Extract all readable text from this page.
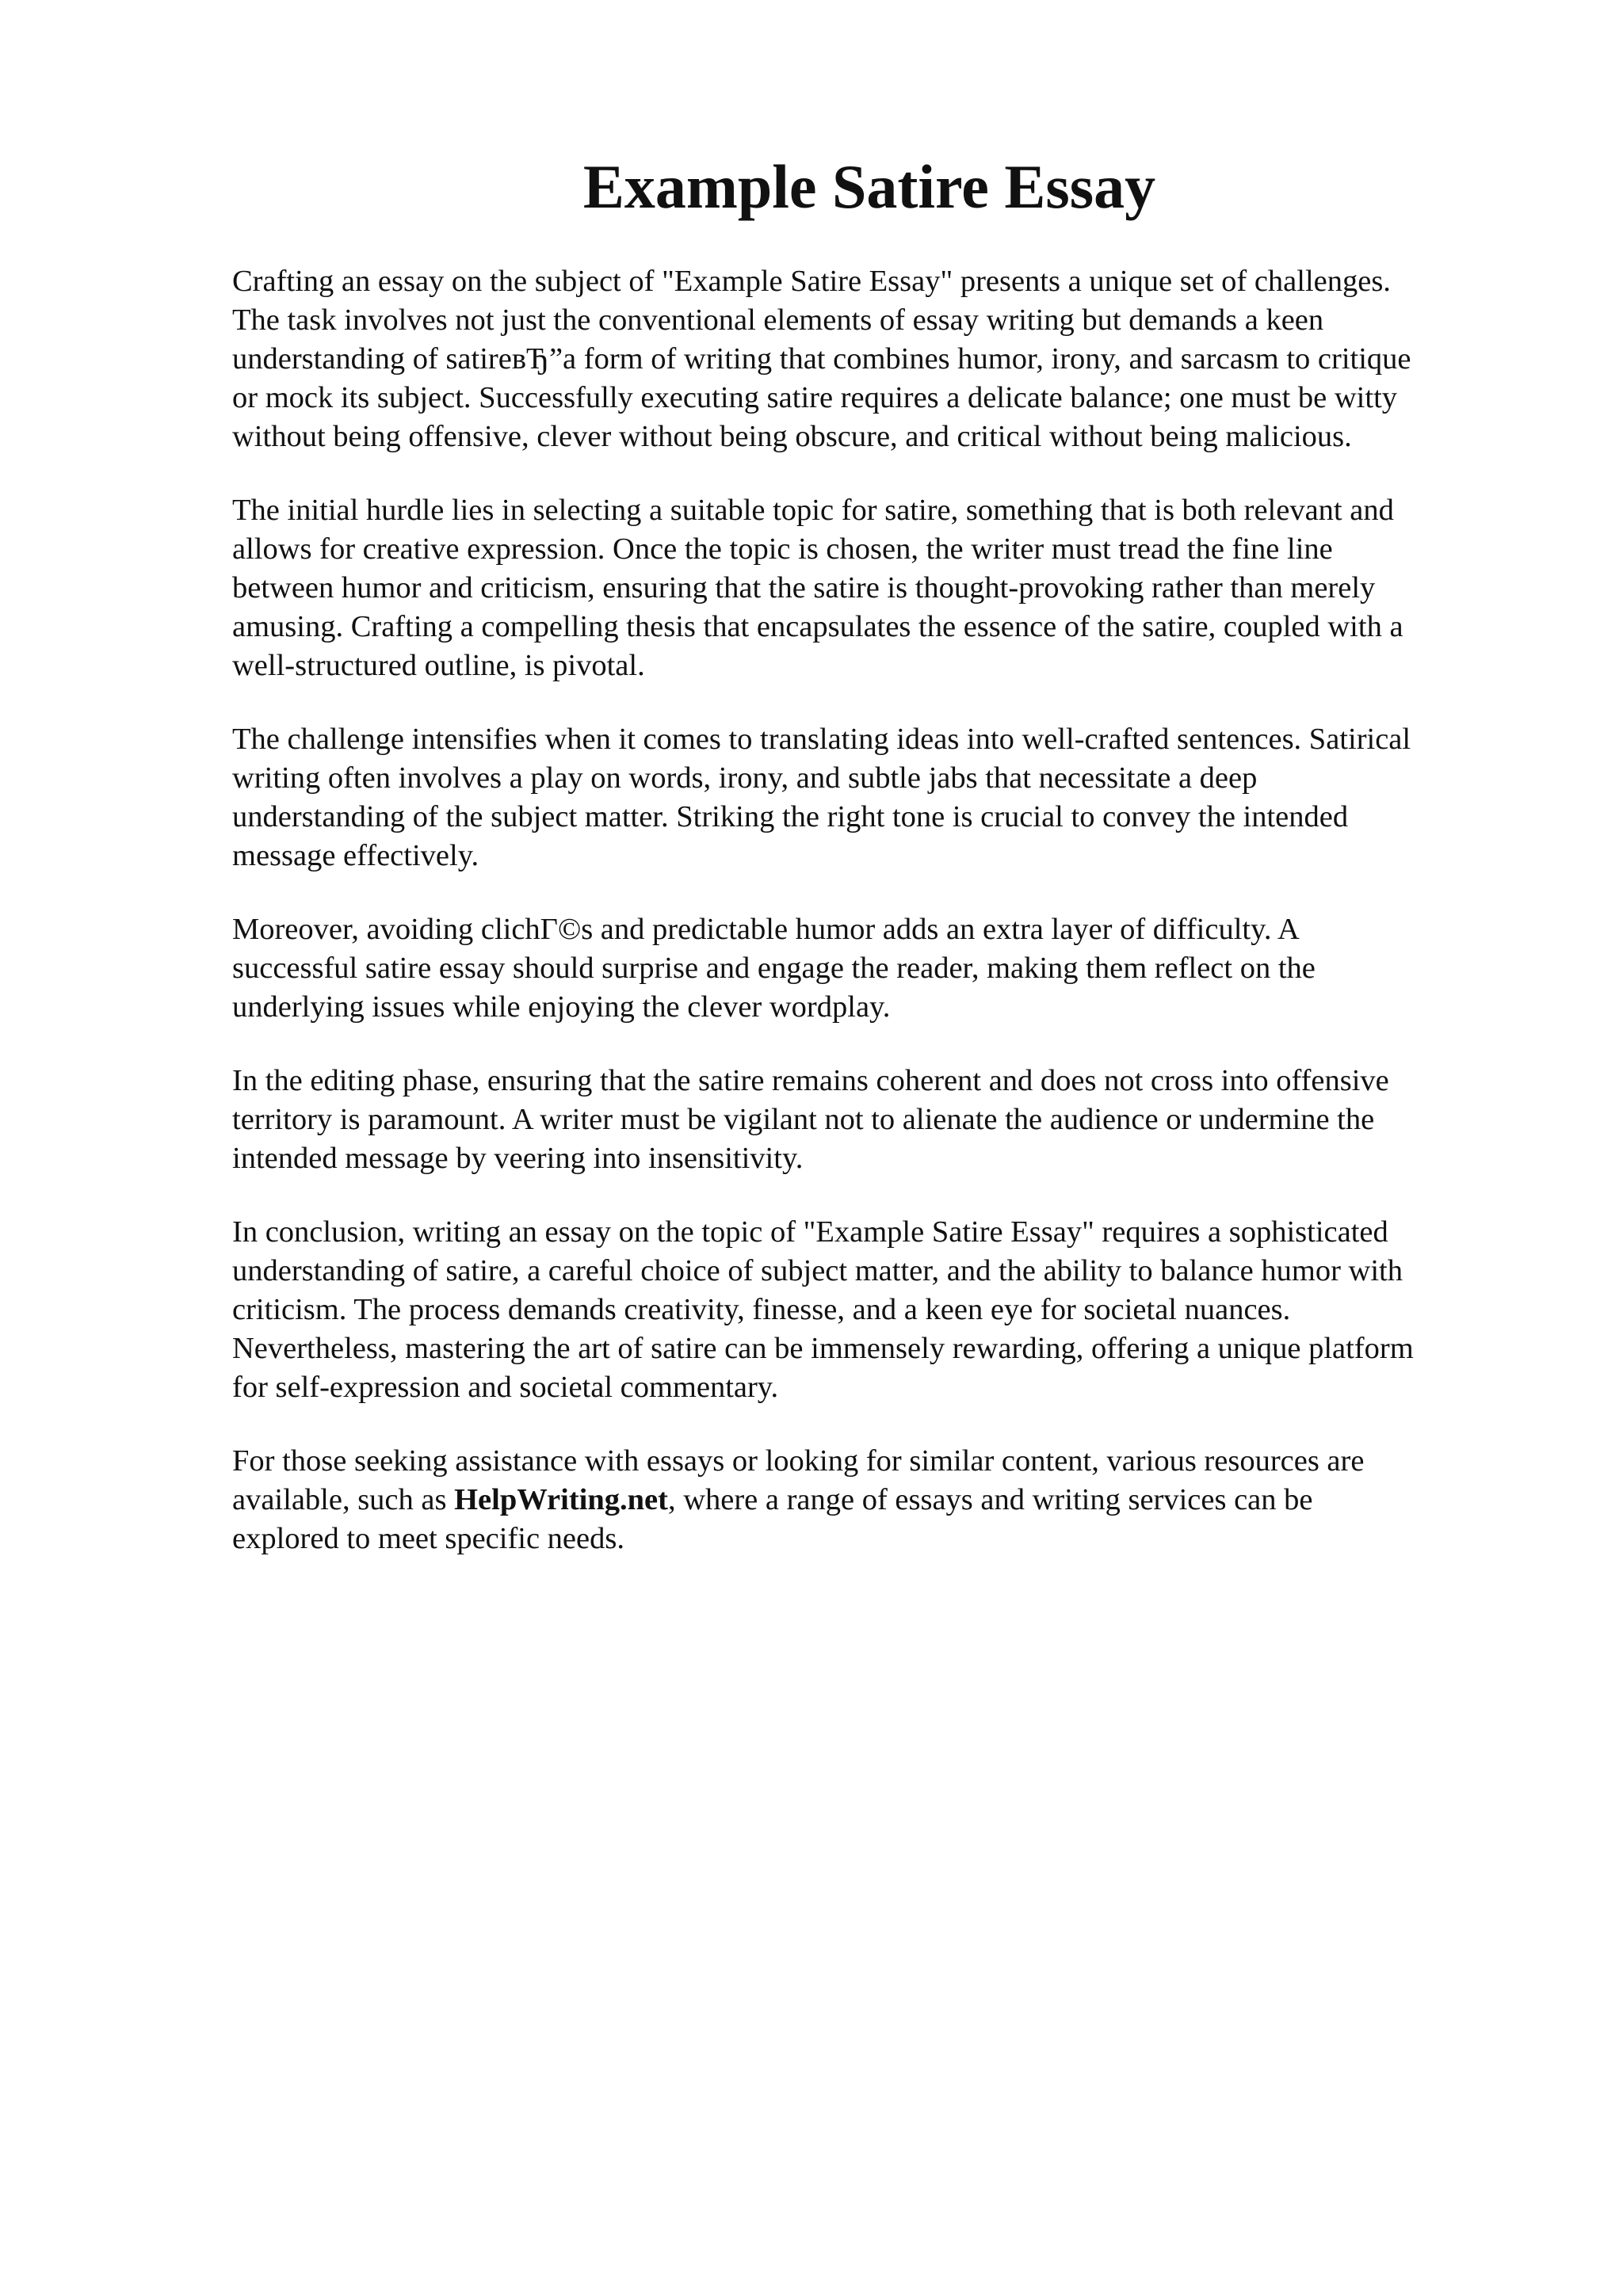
Example Satire Essay

Crafting an essay on the subject of "Example Satire Essay" presents a unique set of challenges.
The task involves not just the conventional elements of essay writing but demands a keen
understanding of satireвЂ”a form of writing that combines humor, irony, and sarcasm to critique
or mock its subject. Successfully executing satire requires a delicate balance; one must be witty
without being offensive, clever without being obscure, and critical without being malicious.

The initial hurdle lies in selecting a suitable topic for satire, something that is both relevant and
allows for creative expression. Once the topic is chosen, the writer must tread the fine line
between humor and criticism, ensuring that the satire is thought-provoking rather than merely
amusing. Crafting a compelling thesis that encapsulates the essence of the satire, coupled with a
well-structured outline, is pivotal.

The challenge intensifies when it comes to translating ideas into well-crafted sentences. Satirical
writing often involves a play on words, irony, and subtle jabs that necessitate a deep
understanding of the subject matter. Striking the right tone is crucial to convey the intended
message effectively.

Moreover, avoiding clichГ©s and predictable humor adds an extra layer of difficulty. A
successful satire essay should surprise and engage the reader, making them reflect on the
underlying issues while enjoying the clever wordplay.

In the editing phase, ensuring that the satire remains coherent and does not cross into offensive
territory is paramount. A writer must be vigilant not to alienate the audience or undermine the
intended message by veering into insensitivity.

In conclusion, writing an essay on the topic of "Example Satire Essay" requires a sophisticated
understanding of satire, a careful choice of subject matter, and the ability to balance humor with
criticism. The process demands creativity, finesse, and a keen eye for societal nuances.
Nevertheless, mastering the art of satire can be immensely rewarding, offering a unique platform
for self-expression and societal commentary.

For those seeking assistance with essays or looking for similar content, various resources are
available, such as HelpWriting.net, where a range of essays and writing services can be
explored to meet specific needs.
